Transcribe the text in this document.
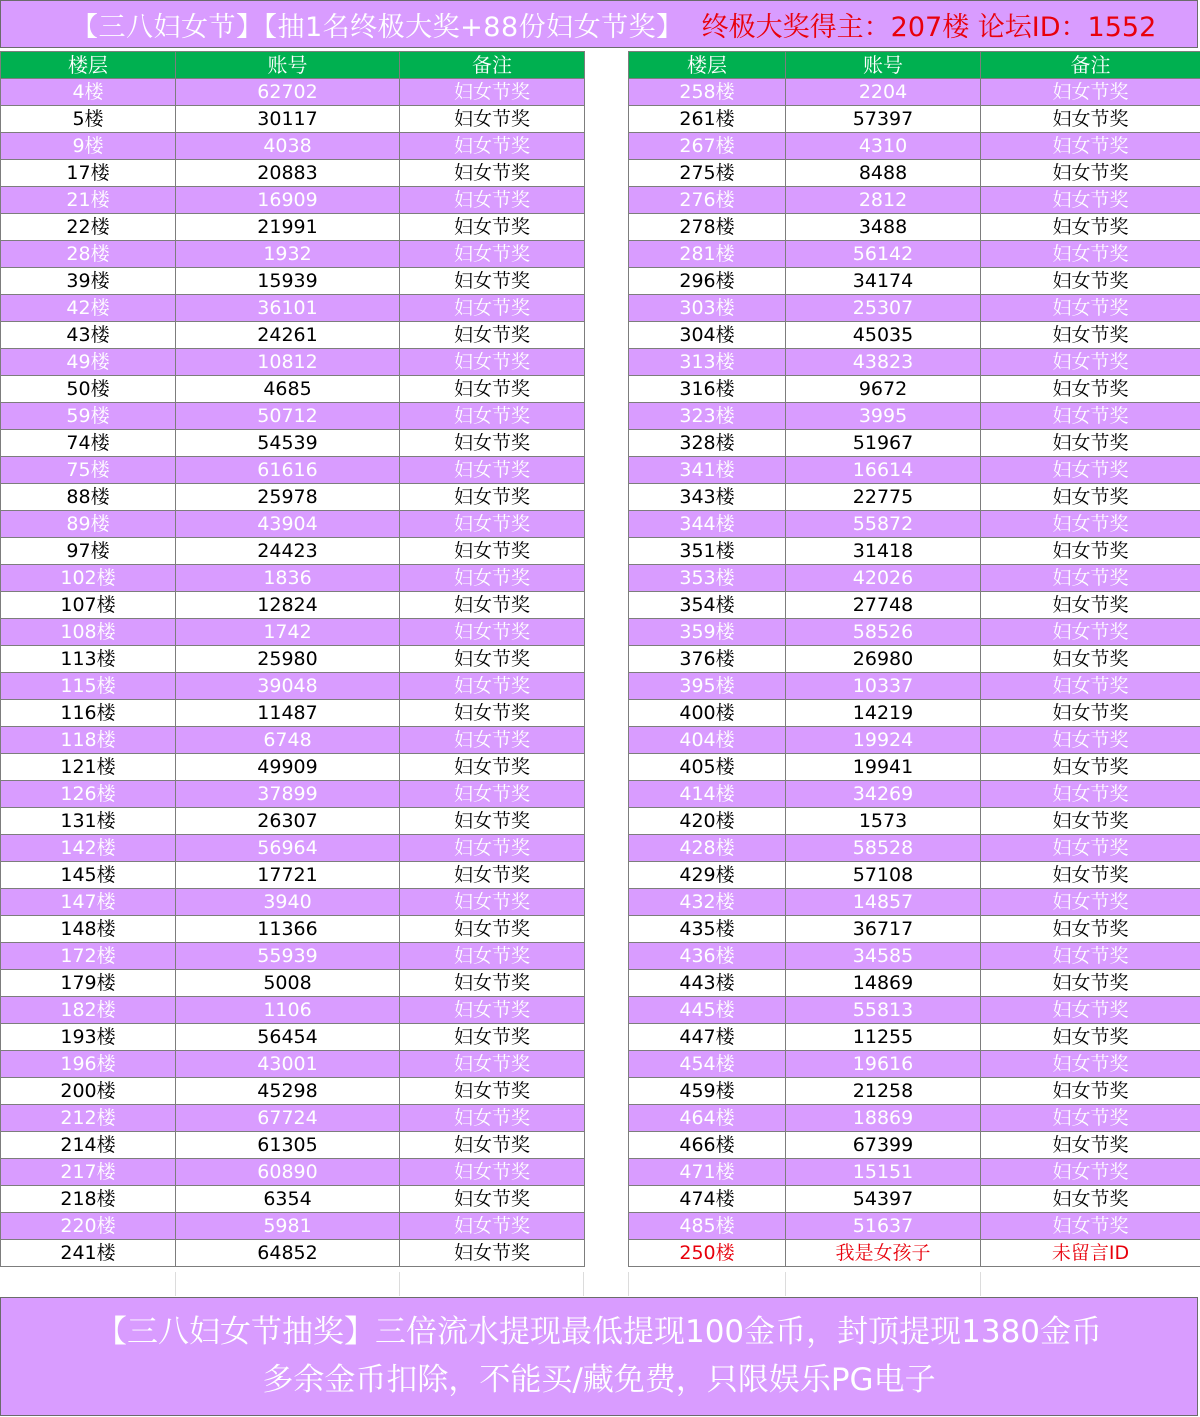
【三八妇女节】【抽1名终极大奖+88份妇女节奖】 终极大奖得主：207楼 论坛ID：1552
楼层	账号	备注
4楼	62702	妇女节奖
5楼	30117	妇女节奖
9楼	4038	妇女节奖
17楼	20883	妇女节奖
21楼	16909	妇女节奖
22楼	21991	妇女节奖
28楼	1932	妇女节奖
39楼	15939	妇女节奖
42楼	36101	妇女节奖
43楼	24261	妇女节奖
49楼	10812	妇女节奖
50楼	4685	妇女节奖
59楼	50712	妇女节奖
74楼	54539	妇女节奖
75楼	61616	妇女节奖
88楼	25978	妇女节奖
89楼	43904	妇女节奖
97楼	24423	妇女节奖
102楼	1836	妇女节奖
107楼	12824	妇女节奖
108楼	1742	妇女节奖
113楼	25980	妇女节奖
115楼	39048	妇女节奖
116楼	11487	妇女节奖
118楼	6748	妇女节奖
121楼	49909	妇女节奖
126楼	37899	妇女节奖
131楼	26307	妇女节奖
142楼	56964	妇女节奖
145楼	17721	妇女节奖
147楼	3940	妇女节奖
148楼	11366	妇女节奖
172楼	55939	妇女节奖
179楼	5008	妇女节奖
182楼	1106	妇女节奖
193楼	56454	妇女节奖
196楼	43001	妇女节奖
200楼	45298	妇女节奖
212楼	67724	妇女节奖
214楼	61305	妇女节奖
217楼	60890	妇女节奖
218楼	6354	妇女节奖
220楼	5981	妇女节奖
241楼	64852	妇女节奖
楼层	账号	备注
258楼	2204	妇女节奖
261楼	57397	妇女节奖
267楼	4310	妇女节奖
275楼	8488	妇女节奖
276楼	2812	妇女节奖
278楼	3488	妇女节奖
281楼	56142	妇女节奖
296楼	34174	妇女节奖
303楼	25307	妇女节奖
304楼	45035	妇女节奖
313楼	43823	妇女节奖
316楼	9672	妇女节奖
323楼	3995	妇女节奖
328楼	51967	妇女节奖
341楼	16614	妇女节奖
343楼	22775	妇女节奖
344楼	55872	妇女节奖
351楼	31418	妇女节奖
353楼	42026	妇女节奖
354楼	27748	妇女节奖
359楼	58526	妇女节奖
376楼	26980	妇女节奖
395楼	10337	妇女节奖
400楼	14219	妇女节奖
404楼	19924	妇女节奖
405楼	19941	妇女节奖
414楼	34269	妇女节奖
420楼	1573	妇女节奖
428楼	58528	妇女节奖
429楼	57108	妇女节奖
432楼	14857	妇女节奖
435楼	36717	妇女节奖
436楼	34585	妇女节奖
443楼	14869	妇女节奖
445楼	55813	妇女节奖
447楼	11255	妇女节奖
454楼	19616	妇女节奖
459楼	21258	妇女节奖
464楼	18869	妇女节奖
466楼	67399	妇女节奖
471楼	15151	妇女节奖
474楼	54397	妇女节奖
485楼	51637	妇女节奖
250楼	我是女孩子	未留言ID
【三八妇女节抽奖】三倍流水提现最低提现100金币，封顶提现1380金币
多余金币扣除，不能买/藏免费，只限娱乐PG电子
